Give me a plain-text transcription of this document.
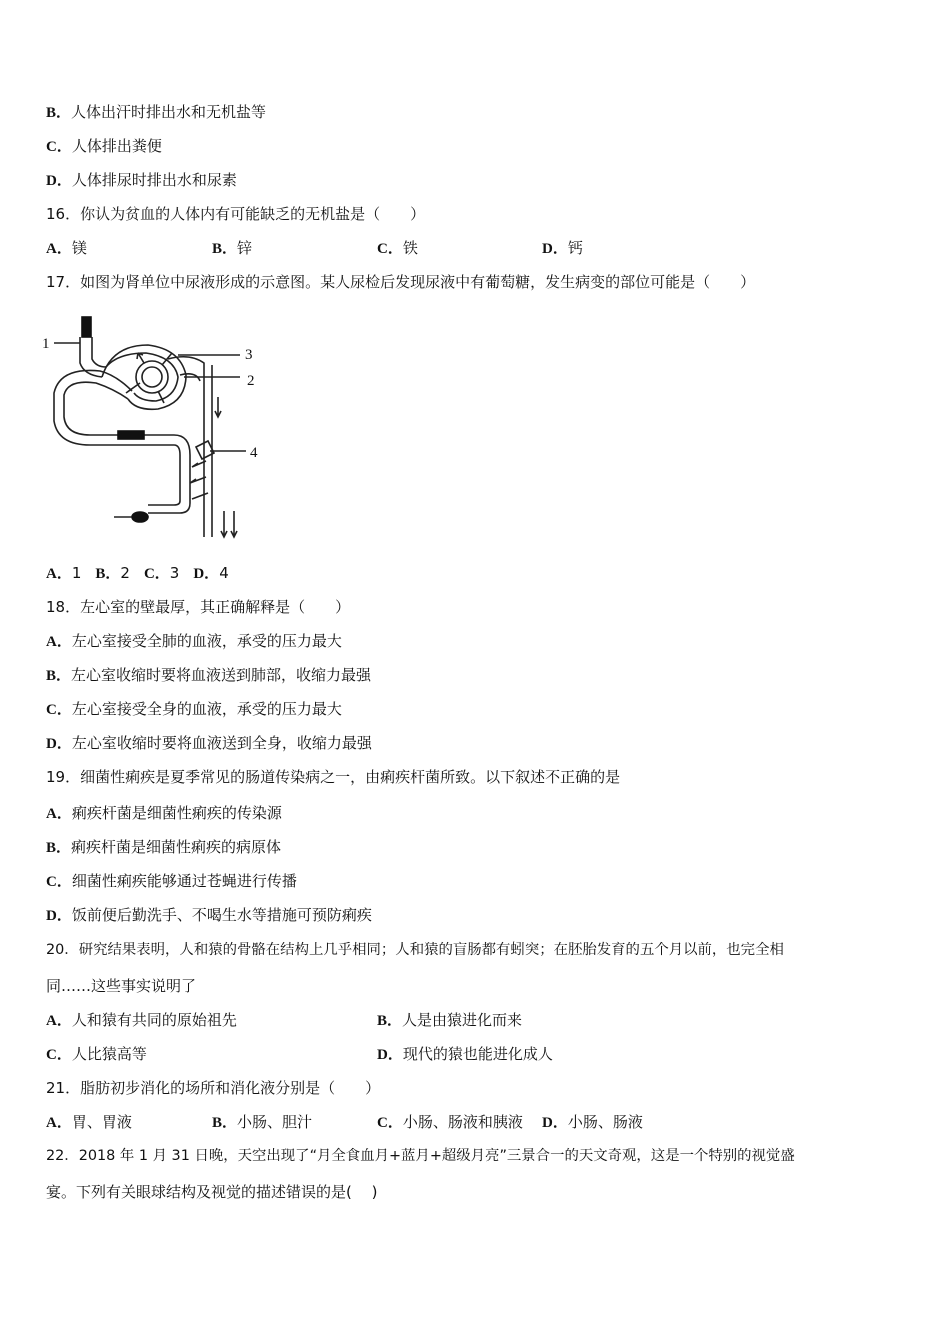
B．人体出汗时排出水和无机盐等
C．人体排出粪便
D．人体排尿时排出水和尿素
16．你认为贫血的人体内有可能缺乏的无机盐是（　　）
A．镁	B．锌	C．铁	D．钙
17．如图为肾单位中尿液形成的示意图。某人尿检后发现尿液中有葡萄糖，发生病变的部位可能是（　　）
1
3
2
4
A．1 B．2 C．3 D．4
18．左心室的壁最厚，其正确解释是（　　）
A．左心室接受全肺的血液，承受的压力最大
B．左心室收缩时要将血液送到肺部，收缩力最强
C．左心室接受全身的血液，承受的压力最大
D．左心室收缩时要将血液送到全身，收缩力最强
19．细菌性痢疾是夏季常见的肠道传染病之一，由痢疾杆菌所致。以下叙述不正确的是
A．痢疾杆菌是细菌性痢疾的传染源
B．痢疾杆菌是细菌性痢疾的病原体
C．细菌性痢疾能够通过苍蝇进行传播
D．饭前便后勤洗手、不喝生水等措施可预防痢疾
20．研究结果表明，人和猿的骨骼在结构上几乎相同；人和猿的盲肠都有蚓突；在胚胎发育的五个月以前，也完全相
同……这些事实说明了
A．人和猿有共同的原始祖先	B．人是由猿进化而来
C．人比猿高等	D．现代的猿也能进化成人
21．脂肪初步消化的场所和消化液分别是（　　）
A．胃、胃液	B．小肠、胆汁	C．小肠、肠液和胰液 D．小肠、肠液
22．2018 年 1 月 31 日晚，天空出现了“月全食血月+蓝月+超级月亮”三景合一的天文奇观，这是一个特别的视觉盛
宴。下列有关眼球结构及视觉的描述错误的是(　 )
